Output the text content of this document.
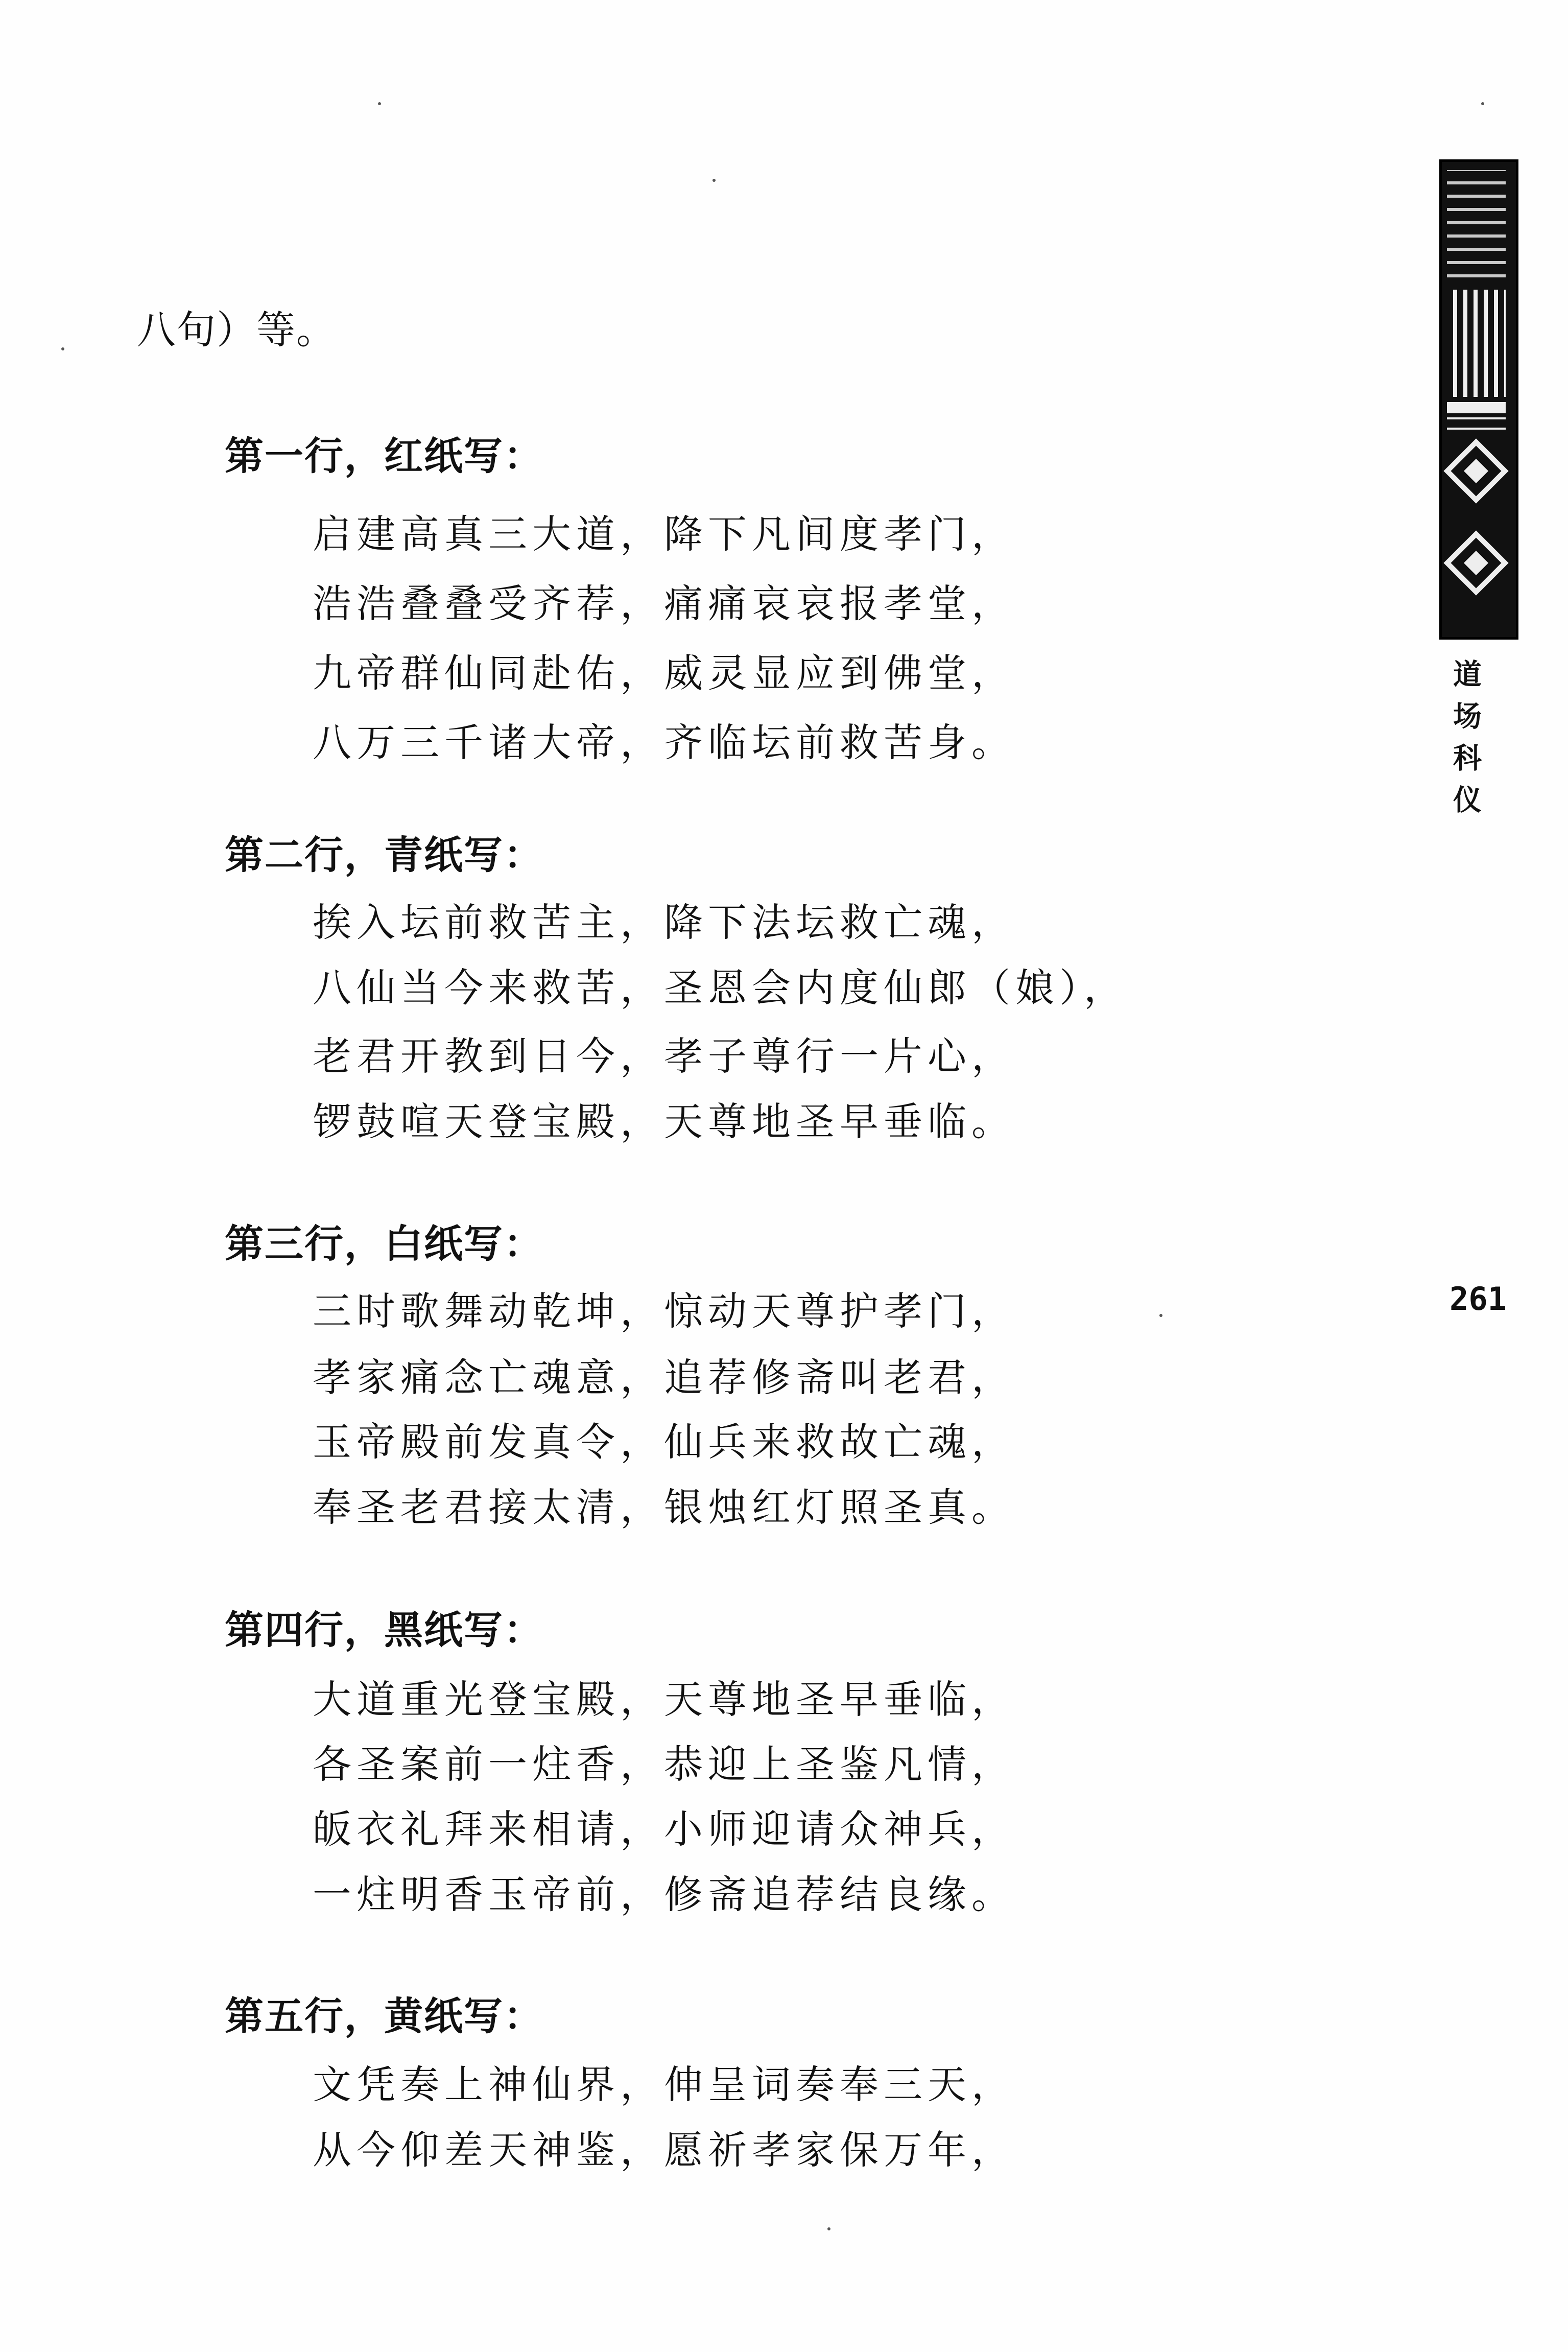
八句）等。
第一行，红纸写：
启建高真三大道，降下凡间度孝门，
浩浩叠叠受齐荐，痛痛哀哀报孝堂，
九帝群仙同赴佑，威灵显应到佛堂，
八万三千诸大帝，齐临坛前救苦身。
第二行，青纸写：
挨入坛前救苦主，降下法坛救亡魂，
八仙当今来救苦，圣恩会内度仙郎（娘），
老君开教到日今，孝子尊行一片心，
锣鼓喧天登宝殿，天尊地圣早垂临。
第三行，白纸写：
三时歌舞动乾坤，惊动天尊护孝门，
孝家痛念亡魂意，追荐修斋叫老君，
玉帝殿前发真令，仙兵来救故亡魂，
奉圣老君接太清，银烛红灯照圣真。
第四行，黑纸写：
大道重光登宝殿，天尊地圣早垂临，
各圣案前一炷香，恭迎上圣鉴凡情，
皈衣礼拜来相请，小师迎请众神兵，
一炷明香玉帝前，修斋追荐结良缘。
第五行，黄纸写：
文凭奏上神仙界，伸呈词奏奉三天，
从今仰差天神鉴，愿祈孝家保万年，
道场科仪
261
